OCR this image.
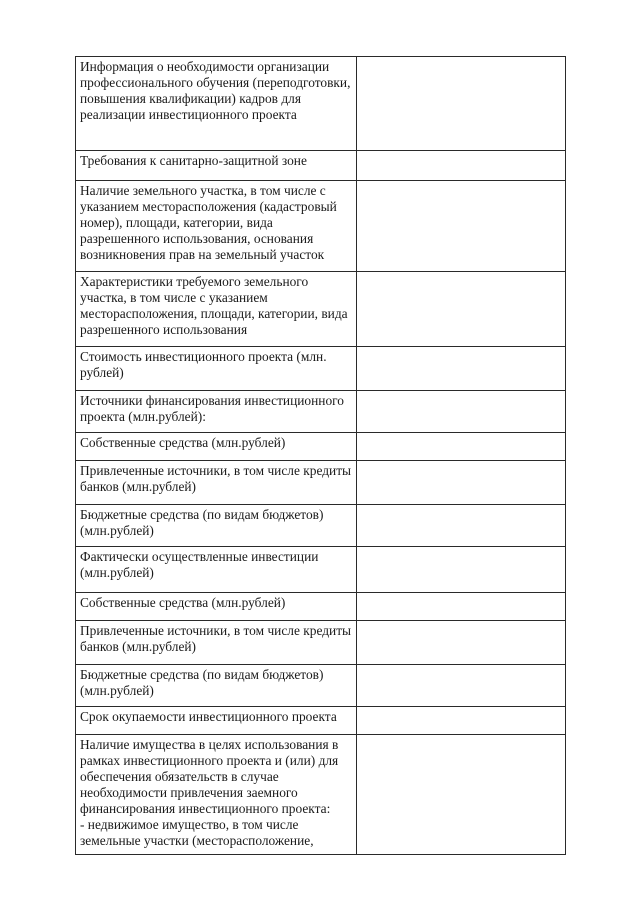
Информация о необходимости организации профессионального обучения (переподготовки, повышения квалификации) кадров для реализации инвестиционного проекта	

Требования к санитарно-защитной зоне	

Наличие земельного участка, в том числе с указанием месторасположения (кадастровый номер), площади, категории, вида разрешенного использования, основания возникновения прав на земельный участок	

Характеристики требуемого земельного участка, в том числе с указанием месторасположения, площади, категории, вида разрешенного использования	

Стоимость инвестиционного проекта (млн. рублей)	

Источники финансирования инвестиционного проекта (млн.рублей):	

Собственные средства (млн.рублей)	

Привлеченные источники, в том числе кредиты банков (млн.рублей)	

Бюджетные средства (по видам бюджетов) (млн.рублей)	

Фактически осуществленные инвестиции (млн.рублей)	

Собственные средства (млн.рублей)	

Привлеченные источники, в том числе кредиты банков (млн.рублей)	

Бюджетные средства (по видам бюджетов) (млн.рублей)	

Срок окупаемости инвестиционного проекта	

Наличие имущества в целях использования в рамках инвестиционного проекта и (или) для обеспечения обязательств в случае необходимости привлечения заемного финансирования инвестиционного проекта:
- недвижимое имущество, в том числе земельные участки (месторасположение,	
